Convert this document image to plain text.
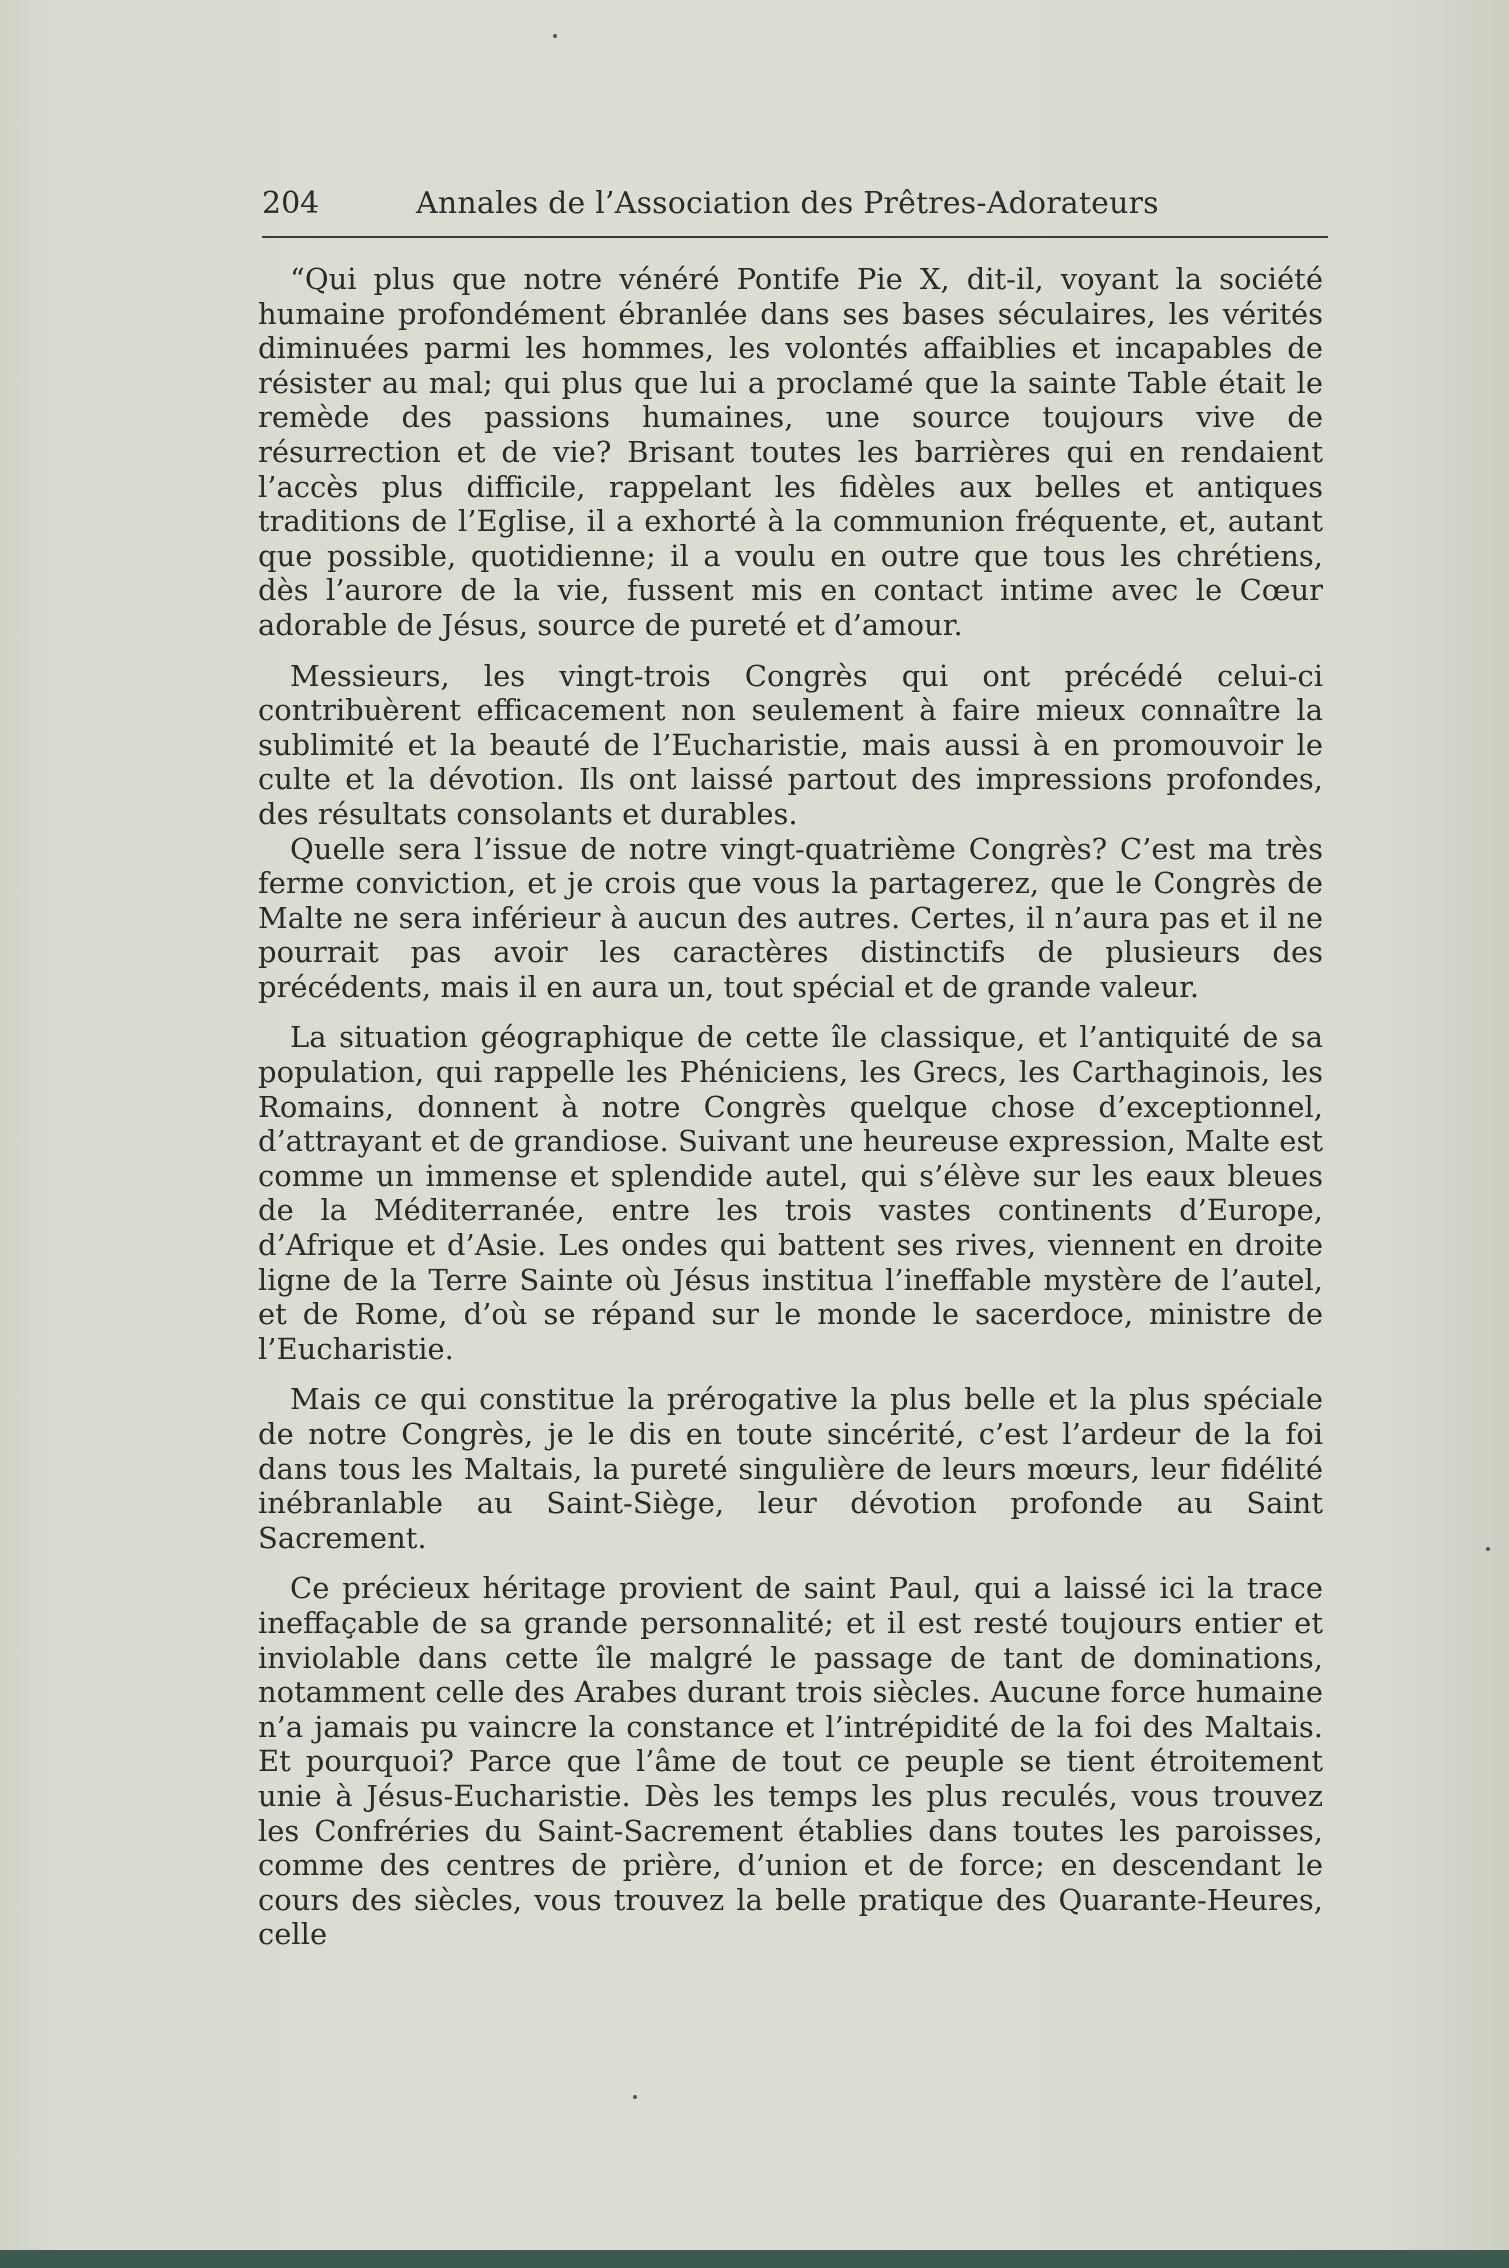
204	Annales de l’Association des Prêtres-Adorateurs

“Qui plus que notre vénéré Pontife Pie X, dit-il, voyant la société humaine profondément ébranlée dans ses bases séculaires, les vérités diminuées parmi les hommes, les volontés affaiblies et incapables de résister au mal; qui plus que lui a proclamé que la sainte Table était le remède des passions humaines, une source toujours vive de résurrection et de vie? Brisant toutes les barrières qui en rendaient l’accès plus difficile, rappelant les fidèles aux belles et antiques traditions de l’Eglise, il a exhorté à la communion fréquente, et, autant que possible, quotidienne; il a voulu en outre que tous les chrétiens, dès l’aurore de la vie, fussent mis en contact intime avec le Cœur adorable de Jésus, source de pureté et d’amour.

Messieurs, les vingt-trois Congrès qui ont précédé celui-ci contribuèrent efficacement non seulement à faire mieux connaître la sublimité et la beauté de l’Eucharistie, mais aussi à en promouvoir le culte et la dévotion. Ils ont laissé partout des impressions profondes, des résultats consolants et durables.

Quelle sera l’issue de notre vingt-quatrième Congrès? C’est ma très ferme conviction, et je crois que vous la partagerez, que le Congrès de Malte ne sera inférieur à aucun des autres. Certes, il n’aura pas et il ne pourrait pas avoir les caractères distinctifs de plusieurs des précédents, mais il en aura un, tout spécial et de grande valeur.

La situation géographique de cette île classique, et l’antiquité de sa population, qui rappelle les Phéniciens, les Grecs, les Carthaginois, les Romains, donnent à notre Congrès quelque chose d’exceptionnel, d’attrayant et de grandiose. Suivant une heureuse expression, Malte est comme un immense et splendide autel, qui s’élève sur les eaux bleues de la Méditerranée, entre les trois vastes continents d’Europe, d’Afrique et d’Asie. Les ondes qui battent ses rives, viennent en droite ligne de la Terre Sainte où Jésus institua l’ineffable mystère de l’autel, et de Rome, d’où se répand sur le monde le sacerdoce, ministre de l’Eucharistie.

Mais ce qui constitue la prérogative la plus belle et la plus spéciale de notre Congrès, je le dis en toute sincérité, c’est l’ardeur de la foi dans tous les Maltais, la pureté singulière de leurs mœurs, leur fidélité inébranlable au Saint-Siège, leur dévotion profonde au Saint Sacrement.

Ce précieux héritage provient de saint Paul, qui a laissé ici la trace ineffaçable de sa grande personnalité; et il est resté toujours entier et inviolable dans cette île malgré le passage de tant de dominations, notamment celle des Arabes durant trois siècles. Aucune force humaine n’a jamais pu vaincre la constance et l’intrépidité de la foi des Maltais. Et pourquoi? Parce que l’âme de tout ce peuple se tient étroitement unie à Jésus-Eucharistie. Dès les temps les plus reculés, vous trouvez les Confréries du Saint-Sacrement établies dans toutes les paroisses, comme des centres de prière, d’union et de force; en descendant le cours des siècles, vous trouvez la belle pratique des Quarante-Heures, celle
